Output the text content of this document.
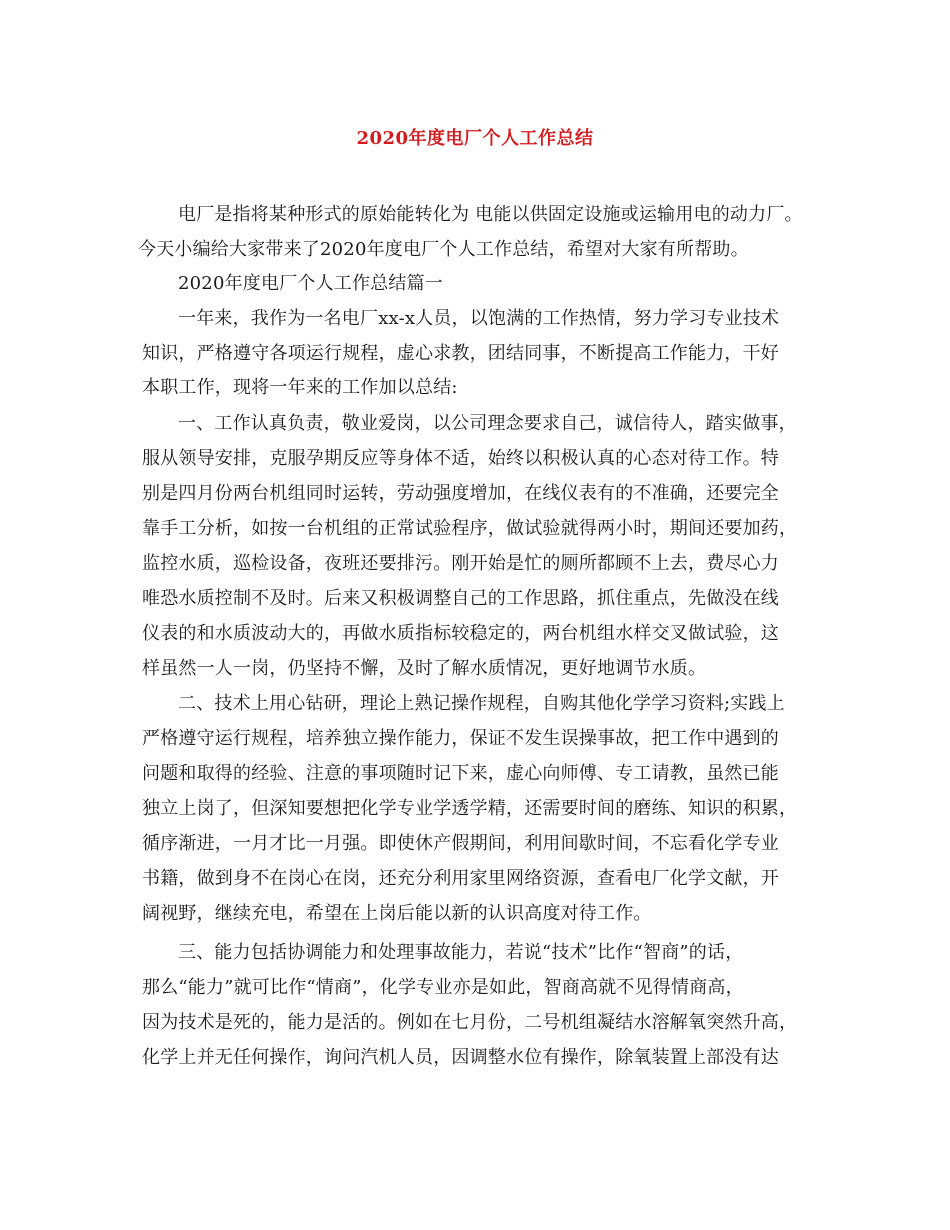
2020年度电厂个人工作总结
电厂是指将某种形式的原始能转化为 电能以供固定设施或运输用电的动力厂。
今天小编给大家带来了2020年度电厂个人工作总结，希望对大家有所帮助。
2020年度电厂个人工作总结篇一
一年来，我作为一名电厂xx-x人员，以饱满的工作热情，努力学习专业技术
知识，严格遵守各项运行规程，虚心求教，团结同事，不断提高工作能力，干好
本职工作，现将一年来的工作加以总结:
一、工作认真负责，敬业爱岗，以公司理念要求自己，诚信待人，踏实做事，
服从领导安排，克服孕期反应等身体不适，始终以积极认真的心态对待工作。特
别是四月份两台机组同时运转，劳动强度增加，在线仪表有的不准确，还要完全
靠手工分析，如按一台机组的正常试验程序，做试验就得两小时，期间还要加药，
监控水质，巡检设备，夜班还要排污。刚开始是忙的厕所都顾不上去，费尽心力
唯恐水质控制不及时。后来又积极调整自己的工作思路，抓住重点，先做没在线
仪表的和水质波动大的，再做水质指标较稳定的，两台机组水样交叉做试验，这
样虽然一人一岗，仍坚持不懈，及时了解水质情况，更好地调节水质。
二、技术上用心钻研，理论上熟记操作规程，自购其他化学学习资料;实践上
严格遵守运行规程，培养独立操作能力，保证不发生误操事故，把工作中遇到的
问题和取得的经验、注意的事项随时记下来，虚心向师傅、专工请教，虽然已能
独立上岗了，但深知要想把化学专业学透学精，还需要时间的磨练、知识的积累，
循序渐进，一月才比一月强。即使休产假期间，利用间歇时间，不忘看化学专业
书籍，做到身不在岗心在岗，还充分利用家里网络资源，查看电厂化学文献，开
阔视野，继续充电，希望在上岗后能以新的认识高度对待工作。
三、能力包括协调能力和处理事故能力，若说“技术”比作“智商”的话，
那么“能力”就可比作“情商”，化学专业亦是如此，智商高就不见得情商高，
因为技术是死的，能力是活的。例如在七月份，二号机组凝结水溶解氧突然升高，
化学上并无任何操作，询问汽机人员，因调整水位有操作，除氧装置上部没有达
